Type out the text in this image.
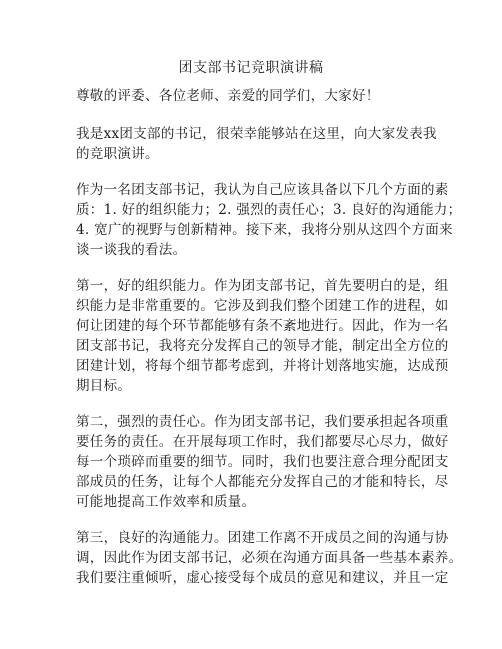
团支部书记竞职演讲稿
尊敬的评委、各位老师、亲爱的同学们，大家好！
我是xx团支部的书记，很荣幸能够站在这里，向大家发表我
的竞职演讲。
作为一名团支部书记，我认为自己应该具备以下几个方面的素
质：1. 好的组织能力；2. 强烈的责任心；3. 良好的沟通能力；
4. 宽广的视野与创新精神。接下来，我将分别从这四个方面来
谈一谈我的看法。
第一，好的组织能力。作为团支部书记，首先要明白的是，组
织能力是非常重要的。它涉及到我们整个团建工作的进程，如
何让团建的每个环节都能够有条不紊地进行。因此，作为一名
团支部书记，我将充分发挥自己的领导才能，制定出全方位的
团建计划，将每个细节都考虑到，并将计划落地实施，达成预
期目标。
第二，强烈的责任心。作为团支部书记，我们要承担起各项重
要任务的责任。在开展每项工作时，我们都要尽心尽力，做好
每一个琐碎而重要的细节。同时，我们也要注意合理分配团支
部成员的任务，让每个人都能充分发挥自己的才能和特长，尽
可能地提高工作效率和质量。
第三，良好的沟通能力。团建工作离不开成员之间的沟通与协
调，因此作为团支部书记，必须在沟通方面具备一些基本素养。
我们要注重倾听，虚心接受每个成员的意见和建议，并且一定
